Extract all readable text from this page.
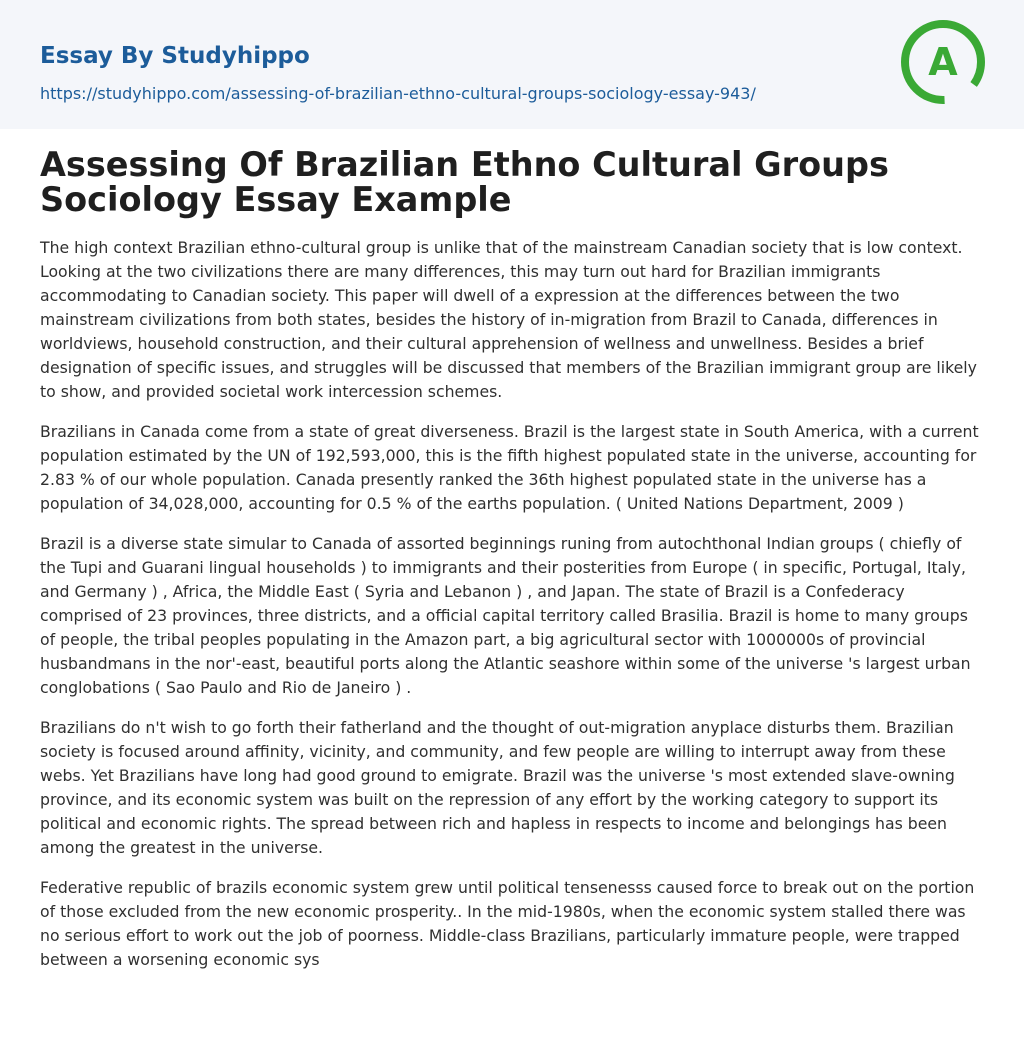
Essay By Studyhippo
https://studyhippo.com/assessing-of-brazilian-ethno-cultural-groups-sociology-essay-943/
A
Assessing Of Brazilian Ethno Cultural Groups Sociology Essay Example

The high context Brazilian ethno-cultural group is unlike that of the mainstream Canadian society that is low context. Looking at the two civilizations there are many differences, this may turn out hard for Brazilian immigrants accommodating to Canadian society. This paper will dwell of a expression at the differences between the two mainstream civilizations from both states, besides the history of in-migration from Brazil to Canada, differences in worldviews, household construction, and their cultural apprehension of wellness and unwellness. Besides a brief designation of specific issues, and struggles will be discussed that members of the Brazilian immigrant group are likely to show, and provided societal work intercession schemes.

Brazilians in Canada come from a state of great diverseness. Brazil is the largest state in South America, with a current population estimated by the UN of 192,593,000, this is the fifth highest populated state in the universe, accounting for 2.83 % of our whole population. Canada presently ranked the 36th highest populated state in the universe has a population of 34,028,000, accounting for 0.5 % of the earths population. ( United Nations Department, 2009 )

Brazil is a diverse state simular to Canada of assorted beginnings runing from autochthonal Indian groups ( chiefly of the Tupi and Guarani lingual households ) to immigrants and their posterities from Europe ( in specific, Portugal, Italy, and Germany ) , Africa, the Middle East ( Syria and Lebanon ) , and Japan. The state of Brazil is a Confederacy comprised of 23 provinces, three districts, and a official capital territory called Brasilia. Brazil is home to many groups of people, the tribal peoples populating in the Amazon part, a big agricultural sector with 1000000s of provincial husbandmans in the nor'-east, beautiful ports along the Atlantic seashore within some of the universe 's largest urban conglobations ( Sao Paulo and Rio de Janeiro ) .

Brazilians do n't wish to go forth their fatherland and the thought of out-migration anyplace disturbs them. Brazilian society is focused around affinity, vicinity, and community, and few people are willing to interrupt away from these webs. Yet Brazilians have long had good ground to emigrate. Brazil was the universe 's most extended slave-owning province, and its economic system was built on the repression of any effort by the working category to support its political and economic rights. The spread between rich and hapless in respects to income and belongings has been among the greatest in the universe.

Federative republic of brazils economic system grew until political tensenesss caused force to break out on the portion of those excluded from the new economic prosperity.. In the mid-1980s, when the economic system stalled there was no serious effort to work out the job of poorness. Middle-class Brazilians, particularly immature people, were trapped between a worsening economic sys
